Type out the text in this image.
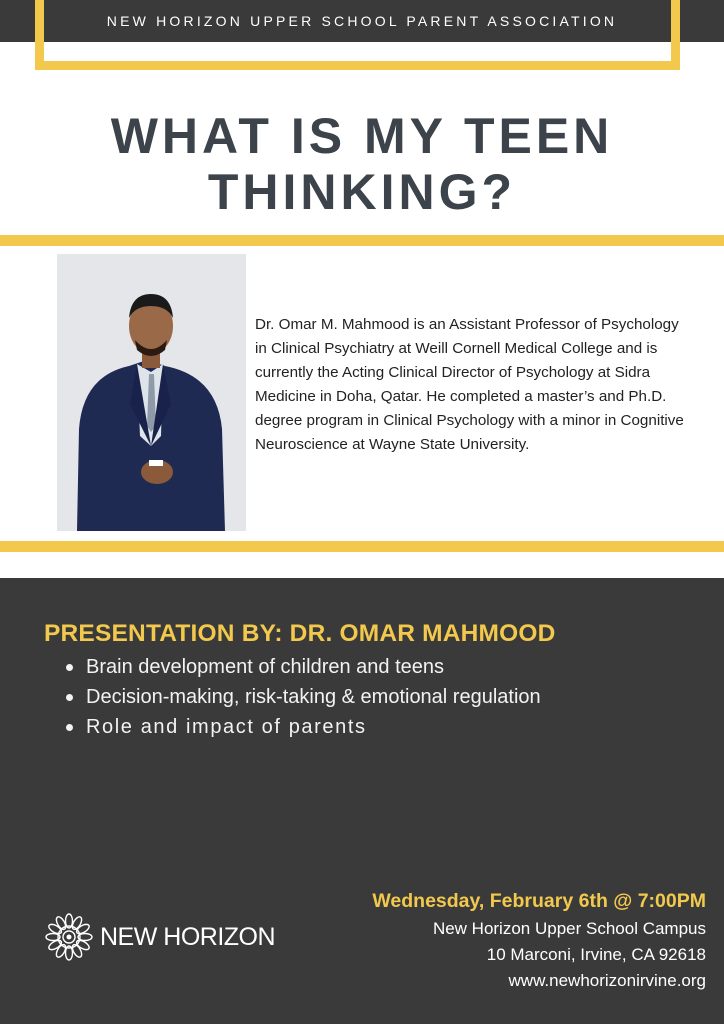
NEW HORIZON UPPER SCHOOL PARENT ASSOCIATION
WHAT IS MY TEEN
THINKING?
Dr. Omar M. Mahmood is an Assistant Professor of Psychology in Clinical Psychiatry at Weill Cornell Medical College and is currently the Acting Clinical Director of Psychology at Sidra Medicine in Doha, Qatar. He completed a master’s and Ph.D. degree program in Clinical Psychology with a minor in Cognitive Neuroscience at Wayne State University.
PRESENTATION BY: DR. OMAR MAHMOOD
Brain development of children and teens
Decision-making, risk-taking & emotional regulation
Role and impact of parents
NEW HORIZON
Wednesday, February 6th @ 7:00PM
New Horizon Upper School Campus
10 Marconi, Irvine, CA 92618
www.newhorizonirvine.org
